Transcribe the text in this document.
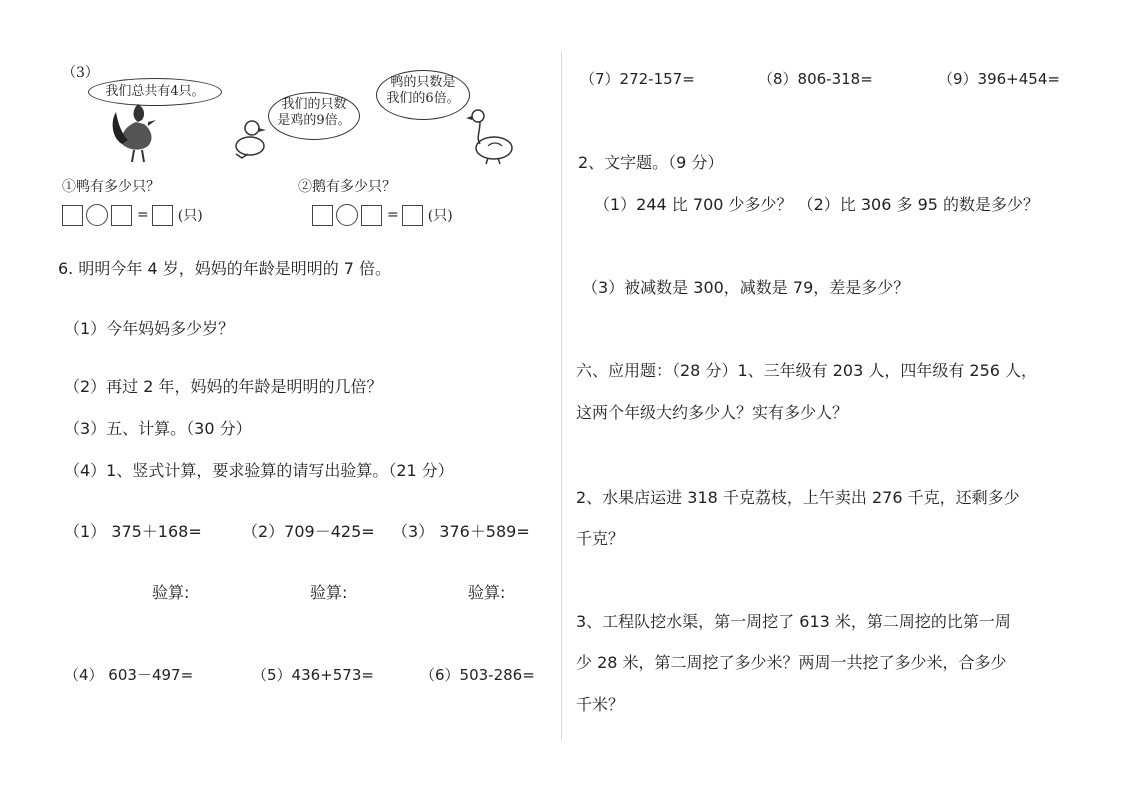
（3）
我们总共有4只。
我们的只数
是鸡的9倍。
鸭的只数是
我们的6倍。
①鸭有多少只？	②鹅有多少只？
= (只)	= (只)
6. 明明今年 4 岁，妈妈的年龄是明明的 7 倍。
（1）今年妈妈多少岁？
（2）再过 2 年，妈妈的年龄是明明的几倍？
（3）五、计算。（30 分）
（4）1、竖式计算，要求验算的请写出验算。（21 分）
（1） 375＋168=	（2）709－425= （3） 376＋589=
验算:	验算:	验算:
（4） 603－497=	（5）436+573=	（6）503-286=
（7）272-157=	（8）806-318=	（9）396+454=
2、文字题。（9 分）
（1）244 比 700 少多少？ （2）比 306 多 95 的数是多少？
（3）被减数是 300，减数是 79，差是多少？
六、应用题：（28 分）1、三年级有 203 人，四年级有 256 人，
这两个年级大约多少人？实有多少人？
2、水果店运进 318 千克荔枝，上午卖出 276 千克，还剩多少
千克？
3、工程队挖水渠，第一周挖了 613 米，第二周挖的比第一周
少 28 米，第二周挖了多少米？两周一共挖了多少米，合多少
千米？
